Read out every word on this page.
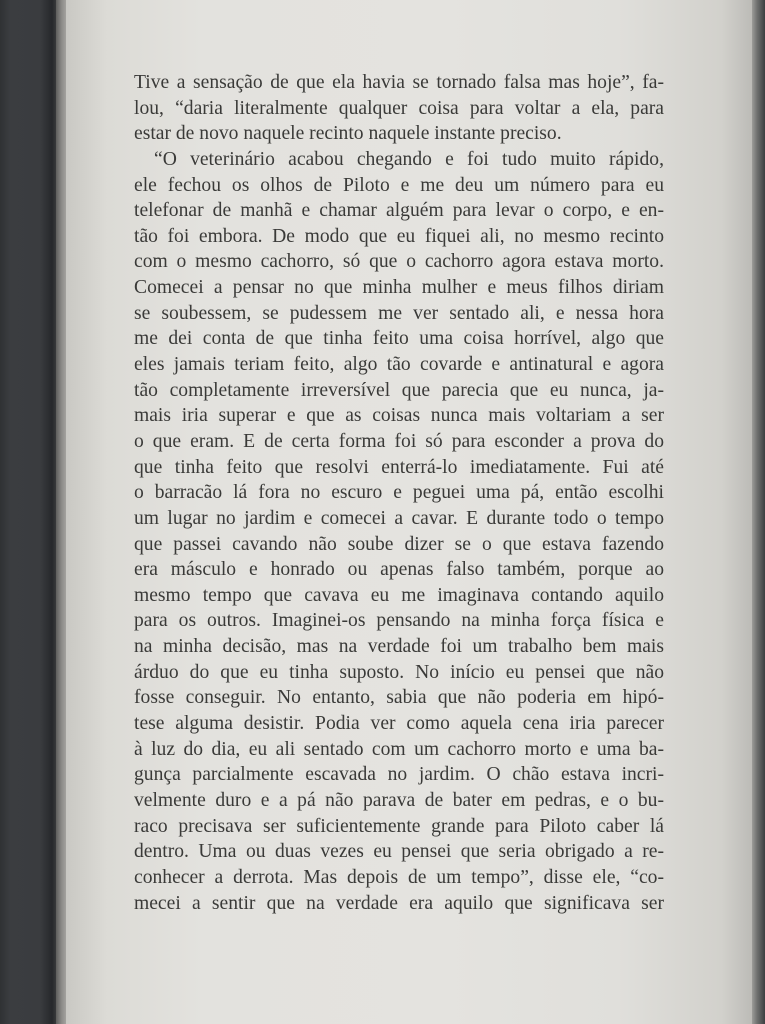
Tive a sensação de que ela havia se tornado falsa mas hoje”, fa-
lou, “daria literalmente qualquer coisa para voltar a ela, para
estar de novo naquele recinto naquele instante preciso.
“O veterinário acabou chegando e foi tudo muito rápido,
ele fechou os olhos de Piloto e me deu um número para eu
telefonar de manhã e chamar alguém para levar o corpo, e en-
tão foi embora. De modo que eu fiquei ali, no mesmo recinto
com o mesmo cachorro, só que o cachorro agora estava morto.
Comecei a pensar no que minha mulher e meus filhos diriam
se soubessem, se pudessem me ver sentado ali, e nessa hora
me dei conta de que tinha feito uma coisa horrível, algo que
eles jamais teriam feito, algo tão covarde e antinatural e agora
tão completamente irreversível que parecia que eu nunca, ja-
mais iria superar e que as coisas nunca mais voltariam a ser
o que eram. E de certa forma foi só para esconder a prova do
que tinha feito que resolvi enterrá-lo imediatamente. Fui até
o barracão lá fora no escuro e peguei uma pá, então escolhi
um lugar no jardim e comecei a cavar. E durante todo o tempo
que passei cavando não soube dizer se o que estava fazendo
era másculo e honrado ou apenas falso também, porque ao
mesmo tempo que cavava eu me imaginava contando aquilo
para os outros. Imaginei-os pensando na minha força física e
na minha decisão, mas na verdade foi um trabalho bem mais
árduo do que eu tinha suposto. No início eu pensei que não
fosse conseguir. No entanto, sabia que não poderia em hipó-
tese alguma desistir. Podia ver como aquela cena iria parecer
à luz do dia, eu ali sentado com um cachorro morto e uma ba-
gunça parcialmente escavada no jardim. O chão estava incri-
velmente duro e a pá não parava de bater em pedras, e o bu-
raco precisava ser suficientemente grande para Piloto caber lá
dentro. Uma ou duas vezes eu pensei que seria obrigado a re-
conhecer a derrota. Mas depois de um tempo”, disse ele, “co-
mecei a sentir que na verdade era aquilo que significava ser
